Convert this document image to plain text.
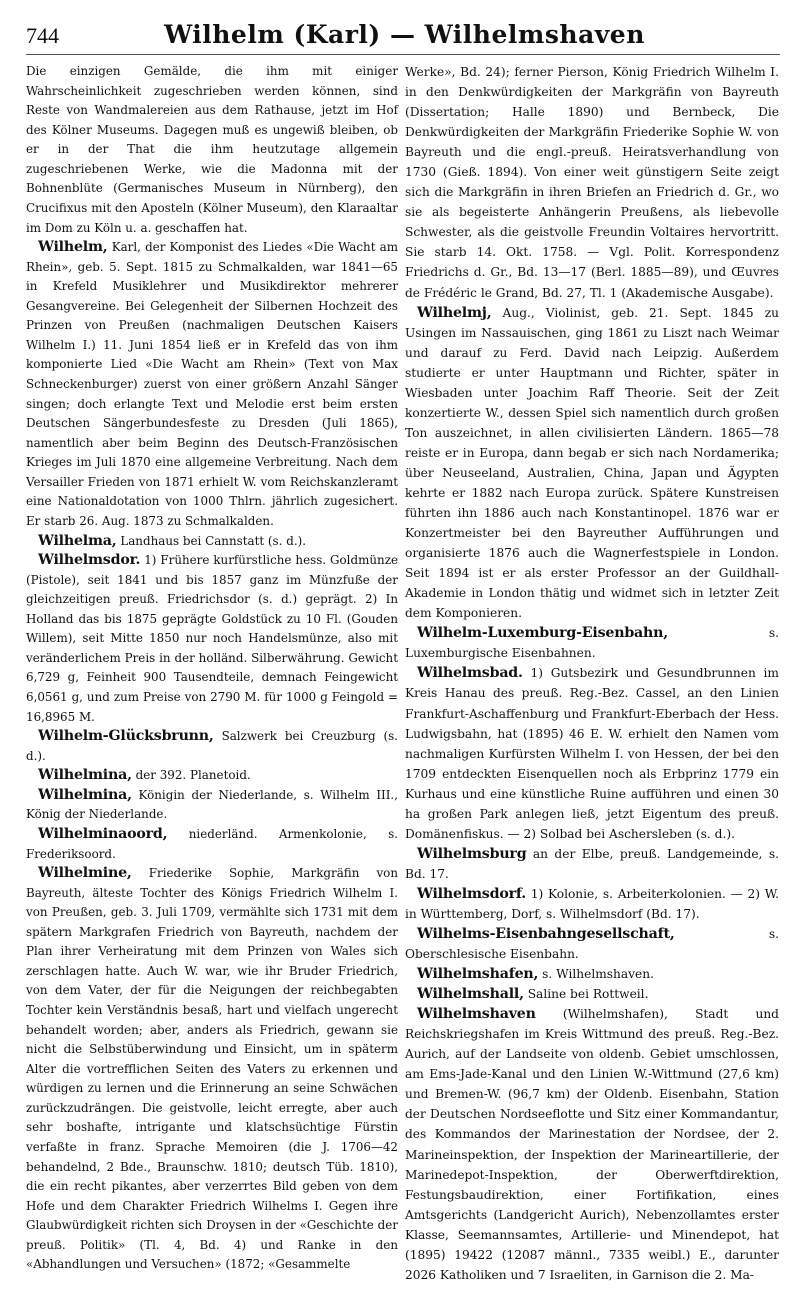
744	Wilhelm (Karl) — Wilhelmshaven

Die einzigen Gemälde, die ihm mit einiger Wahrscheinlichkeit zugeschrieben werden können, sind Reste von Wandmalereien aus dem Rathause, jetzt im Hof des Kölner Museums. Dagegen muß es ungewiß bleiben, ob er in der That die ihm heutzutage allgemein zugeschriebenen Werke, wie die Madonna mit der Bohnenblüte (Germanisches Museum in Nürnberg), den Crucifixus mit den Aposteln (Kölner Museum), den Klaraaltar im Dom zu Köln u. a. geschaffen hat.

Wilhelm, Karl, der Komponist des Liedes «Die Wacht am Rhein», geb. 5. Sept. 1815 zu Schmalkalden, war 1841—65 in Krefeld Musiklehrer und Musikdirektor mehrerer Gesangvereine. Bei Gelegenheit der Silbernen Hochzeit des Prinzen von Preußen (nachmaligen Deutschen Kaisers Wilhelm I.) 11. Juni 1854 ließ er in Krefeld das von ihm komponierte Lied «Die Wacht am Rhein» (Text von Max Schneckenburger) zuerst von einer größern Anzahl Sänger singen; doch erlangte Text und Melodie erst beim ersten Deutschen Sängerbundesfeste zu Dresden (Juli 1865), namentlich aber beim Beginn des Deutsch-Französischen Krieges im Juli 1870 eine allgemeine Verbreitung. Nach dem Versailler Frieden von 1871 erhielt W. vom Reichskanzleramt eine Nationaldotation von 1000 Thlrn. jährlich zugesichert. Er starb 26. Aug. 1873 zu Schmalkalden.

Wilhelma, Landhaus bei Cannstatt (s. d.).

Wilhelmsdor. 1) Frühere kurfürstliche hess. Goldmünze (Pistole), seit 1841 und bis 1857 ganz im Münzfuße der gleichzeitigen preuß. Friedrichsdor (s. d.) geprägt. 2) In Holland das bis 1875 geprägte Goldstück zu 10 Fl. (Gouden Willem), seit Mitte 1850 nur noch Handelsmünze, also mit veränderlichem Preis in der holländ. Silberwährung. Gewicht 6,729 g, Feinheit 900 Tausendteile, demnach Feingewicht 6,0561 g, und zum Preise von 2790 M. für 1000 g Feingold = 16,8965 M.

Wilhelm-Glücksbrunn, Salzwerk bei Creuzburg (s. d.).

Wilhelmina, der 392. Planetoid.

Wilhelmina, Königin der Niederlande, s. Wilhelm III., König der Niederlande.

Wilhelminaoord, niederländ. Armenkolonie, s. Frederiksoord.

Wilhelmine, Friederike Sophie, Markgräfin von Bayreuth, älteste Tochter des Königs Friedrich Wilhelm I. von Preußen, geb. 3. Juli 1709, vermählte sich 1731 mit dem spätern Markgrafen Friedrich von Bayreuth, nachdem der Plan ihrer Verheiratung mit dem Prinzen von Wales sich zerschlagen hatte. Auch W. war, wie ihr Bruder Friedrich, von dem Vater, der für die Neigungen der reichbegabten Tochter kein Verständnis besaß, hart und vielfach ungerecht behandelt worden; aber, anders als Friedrich, gewann sie nicht die Selbstüberwindung und Einsicht, um in späterm Alter die vortrefflichen Seiten des Vaters zu erkennen und würdigen zu lernen und die Erinnerung an seine Schwächen zurückzudrängen. Die geistvolle, leicht erregte, aber auch sehr boshafte, intrigante und klatschsüchtige Fürstin verfaßte in franz. Sprache Memoiren (die J. 1706—42 behandelnd, 2 Bde., Braunschw. 1810; deutsch Tüb. 1810), die ein recht pikantes, aber verzerrtes Bild geben von dem Hofe und dem Charakter Friedrich Wilhelms I. Gegen ihre Glaubwürdigkeit richten sich Droysen in der «Geschichte der preuß. Politik» (Tl. 4, Bd. 4) und Ranke in den «Abhandlungen und Versuchen» (1872; «Gesammelte

Werke», Bd. 24); ferner Pierson, König Friedrich Wilhelm I. in den Denkwürdigkeiten der Markgräfin von Bayreuth (Dissertation; Halle 1890) und Bernbeck, Die Denkwürdigkeiten der Markgräfin Friederike Sophie W. von Bayreuth und die engl.-preuß. Heiratsverhandlung von 1730 (Gieß. 1894). Von einer weit günstigern Seite zeigt sich die Markgräfin in ihren Briefen an Friedrich d. Gr., wo sie als begeisterte Anhängerin Preußens, als liebevolle Schwester, als die geistvolle Freundin Voltaires hervortritt. Sie starb 14. Okt. 1758. — Vgl. Polit. Korrespondenz Friedrichs d. Gr., Bd. 13—17 (Berl. 1885—89), und Œuvres de Frédéric le Grand, Bd. 27, Tl. 1 (Akademische Ausgabe).

Wilhelmj, Aug., Violinist, geb. 21. Sept. 1845 zu Usingen im Nassauischen, ging 1861 zu Liszt nach Weimar und darauf zu Ferd. David nach Leipzig. Außerdem studierte er unter Hauptmann und Richter, später in Wiesbaden unter Joachim Raff Theorie. Seit der Zeit konzertierte W., dessen Spiel sich namentlich durch großen Ton auszeichnet, in allen civilisierten Ländern. 1865—78 reiste er in Europa, dann begab er sich nach Nordamerika; über Neuseeland, Australien, China, Japan und Ägypten kehrte er 1882 nach Europa zurück. Spätere Kunstreisen führten ihn 1886 auch nach Konstantinopel. 1876 war er Konzertmeister bei den Bayreuther Aufführungen und organisierte 1876 auch die Wagnerfestspiele in London. Seit 1894 ist er als erster Professor an der Guildhall-Akademie in London thätig und widmet sich in letzter Zeit dem Komponieren.

Wilhelm-Luxemburg-Eisenbahn, s. Luxemburgische Eisenbahnen.

Wilhelmsbad. 1) Gutsbezirk und Gesundbrunnen im Kreis Hanau des preuß. Reg.-Bez. Cassel, an den Linien Frankfurt-Aschaffenburg und Frankfurt-Eberbach der Hess. Ludwigsbahn, hat (1895) 46 E. W. erhielt den Namen vom nachmaligen Kurfürsten Wilhelm I. von Hessen, der bei den 1709 entdeckten Eisenquellen noch als Erbprinz 1779 ein Kurhaus und eine künstliche Ruine aufführen und einen 30 ha großen Park anlegen ließ, jetzt Eigentum des preuß. Domänenfiskus. — 2) Solbad bei Aschersleben (s. d.).

Wilhelmsburg an der Elbe, preuß. Landgemeinde, s. Bd. 17.

Wilhelmsdorf. 1) Kolonie, s. Arbeiterkolonien. — 2) W. in Württemberg, Dorf, s. Wilhelmsdorf (Bd. 17).

Wilhelms-Eisenbahngesellschaft, s. Oberschlesische Eisenbahn.

Wilhelmshafen, s. Wilhelmshaven.

Wilhelmshall, Saline bei Rottweil.

Wilhelmshaven (Wilhelmshafen), Stadt und Reichskriegshafen im Kreis Wittmund des preuß. Reg.-Bez. Aurich, auf der Landseite von oldenb. Gebiet umschlossen, am Ems-Jade-Kanal und den Linien W.-Wittmund (27,6 km) und Bremen-W. (96,7 km) der Oldenb. Eisenbahn, Station der Deutschen Nordseeflotte und Sitz einer Kommandantur, des Kommandos der Marinestation der Nordsee, der 2. Marineinspektion, der Inspektion der Marineartillerie, der Marinedepot-Inspektion, der Oberwerftdirektion, Festungsbaudirektion, einer Fortifikation, eines Amtsgerichts (Landgericht Aurich), Nebenzollamtes erster Klasse, Seemannsamtes, Artillerie- und Minendepot, hat (1895) 19422 (12087 männl., 7335 weibl.) E., darunter 2026 Katholiken und 7 Israeliten, in Garnison die 2. Ma-
